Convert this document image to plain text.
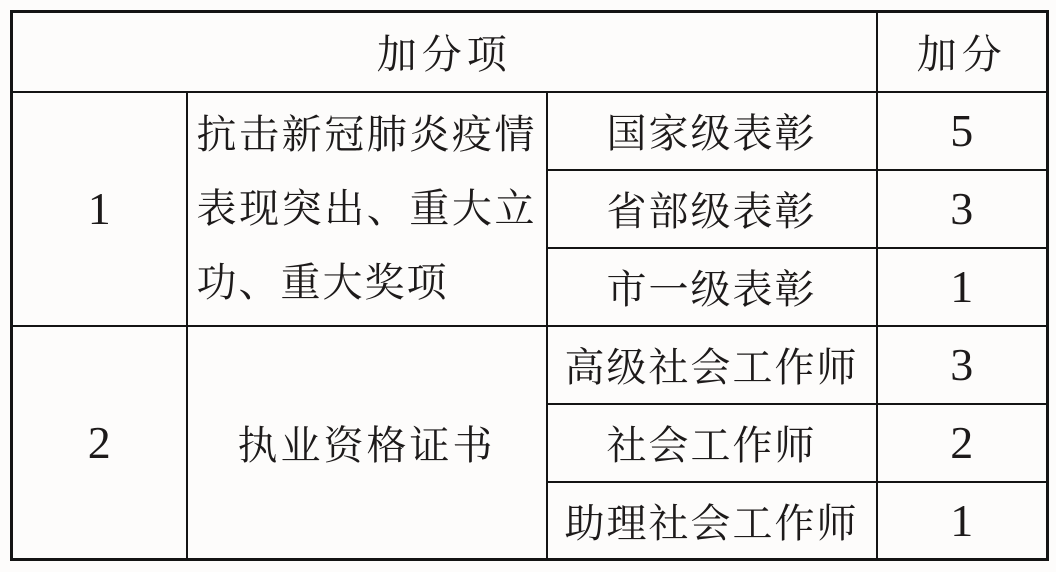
加分项			加分
1	抗击新冠肺炎疫情表现突出、重大立功、重大奖项	国家级表彰	5
		省部级表彰	3
		市一级表彰	1
2	执业资格证书	高级社会工作师	3
		社会工作师	2
		助理社会工作师	1
